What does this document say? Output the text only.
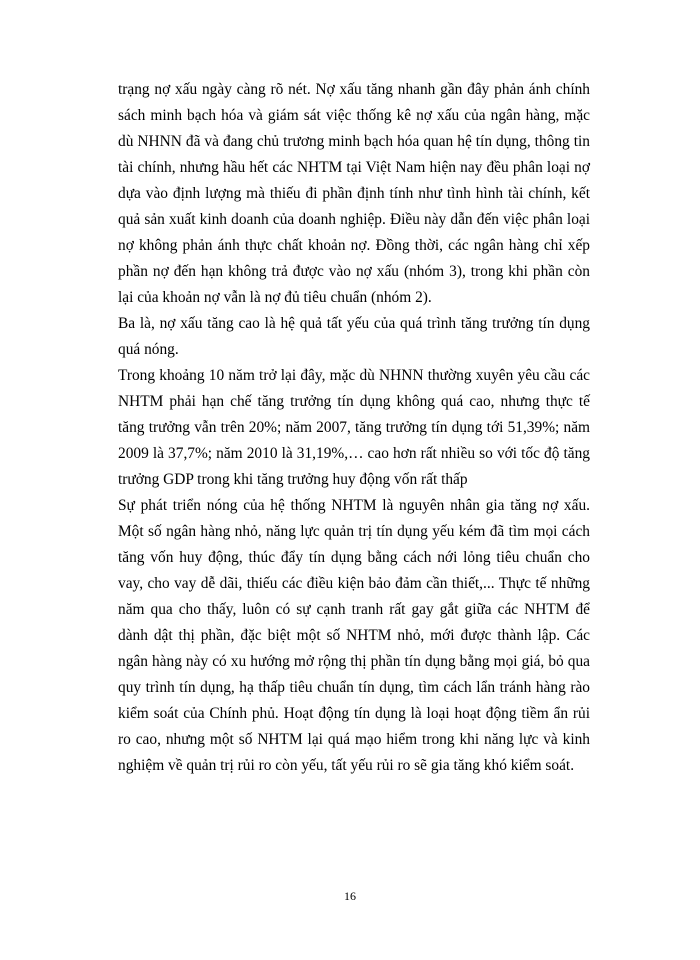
trạng nợ xấu ngày càng rõ nét. Nợ xấu tăng nhanh gần đây phản ánh chính sách minh bạch hóa và giám sát việc thống kê nợ xấu của ngân hàng, mặc dù NHNN đã và đang chủ trương minh bạch hóa quan hệ tín dụng, thông tin tài chính, nhưng hầu hết các NHTM tại Việt Nam hiện nay đều phân loại nợ dựa vào định lượng mà thiếu đi phần định tính như tình hình tài chính, kết quả sản xuất kinh doanh của doanh nghiệp. Điều này dẫn đến việc phân loại nợ không phản ánh thực chất khoản nợ. Đồng thời, các ngân hàng chỉ xếp phần nợ đến hạn không trả được vào nợ xấu (nhóm 3), trong khi phần còn lại của khoản nợ vẫn là nợ đủ tiêu chuẩn (nhóm 2).

Ba là, nợ xấu tăng cao là hệ quả tất yếu của quá trình tăng trưởng tín dụng quá nóng.

Trong khoảng 10 năm trở lại đây, mặc dù NHNN thường xuyên yêu cầu các NHTM phải hạn chế tăng trưởng tín dụng không quá cao, nhưng thực tế tăng trưởng vẫn trên 20%; năm 2007, tăng trưởng tín dụng tới 51,39%; năm 2009 là 37,7%; năm 2010 là 31,19%,… cao hơn rất nhiều so với tốc độ tăng trưởng GDP trong khi tăng trưởng huy động vốn rất thấp

Sự phát triển nóng của hệ thống NHTM là nguyên nhân gia tăng nợ xấu. Một số ngân hàng nhỏ, năng lực quản trị tín dụng yếu kém đã tìm mọi cách tăng vốn huy động, thúc đẩy tín dụng bằng cách nới lỏng tiêu chuẩn cho vay, cho vay dễ dãi, thiếu các điều kiện bảo đảm cần thiết,... Thực tế những năm qua cho thấy, luôn có sự cạnh tranh rất gay gắt giữa các NHTM để dành dật thị phần, đặc biệt một số NHTM nhỏ, mới được thành lập. Các ngân hàng này có xu hướng mở rộng thị phần tín dụng bằng mọi giá, bỏ qua quy trình tín dụng, hạ thấp tiêu chuẩn tín dụng, tìm cách lẩn tránh hàng rào kiểm soát của Chính phủ. Hoạt động tín dụng là loại hoạt động tiềm ẩn rủi ro cao, nhưng một số NHTM lại quá mạo hiểm trong khi năng lực và kinh nghiệm về quản trị rủi ro còn yếu, tất yếu rủi ro sẽ gia tăng khó kiểm soát.

16
